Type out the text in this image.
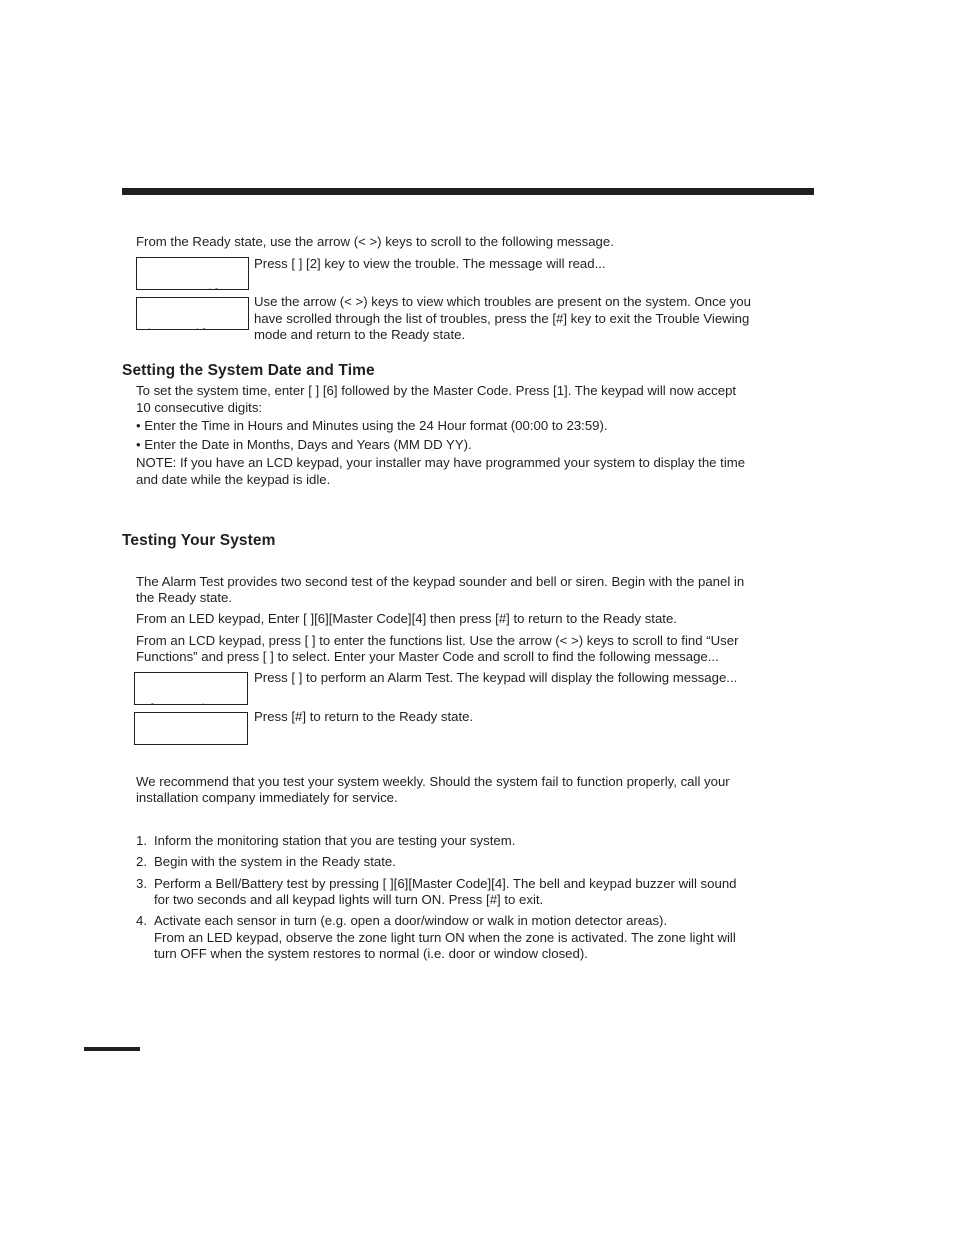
From the Ready state, use the arrow (< >) keys to scroll to the following message.

Press [ ] [2] key to view the trouble. The message will read...

Use the arrow (< >) keys to view which troubles are present on the system. Once you

have scrolled through the list of troubles, press the [#] key to exit the Trouble Viewing

mode and return to the Ready state.

Setting the System Date and Time

To set the system time, enter [ ] [6] followed by the Master Code. Press [1]. The keypad will now accept

10 consecutive digits:

• Enter the Time in Hours and Minutes using the 24 Hour format (00:00 to 23:59).

• Enter the Date in Months, Days and Years (MM DD YY).

NOTE: If you have an LCD keypad, your installer may have programmed your system to display the time

and date while the keypad is idle.

Testing Your System

The Alarm Test provides two second test of the keypad sounder and bell or siren. Begin with the panel in

the Ready state.

From an LED keypad, Enter [ ][6][Master Code][4] then press [#] to return to the Ready state.

From an LCD keypad, press [ ] to enter the functions list. Use the arrow (< >) keys to scroll to find “User

Functions” and press [ ] to select. Enter your Master Code and scroll to find the following message...

Press [ ] to perform an Alarm Test. The keypad will display the following message...

Press [#] to return to the Ready state.

We recommend that you test your system weekly. Should the system fail to function properly, call your

installation company immediately for service.

1. Inform the monitoring station that you are testing your system.
2. Begin with the system in the Ready state.
3. Perform a Bell/Battery test by pressing [ ][6][Master Code][4]. The bell and keypad buzzer will sound
for two seconds and all keypad lights will turn ON. Press [#] to exit.
4. Activate each sensor in turn (e.g. open a door/window or walk in motion detector areas).
From an LED keypad, observe the zone light turn ON when the zone is activated. The zone light will
turn OFF when the system restores to normal (i.e. door or window closed).
